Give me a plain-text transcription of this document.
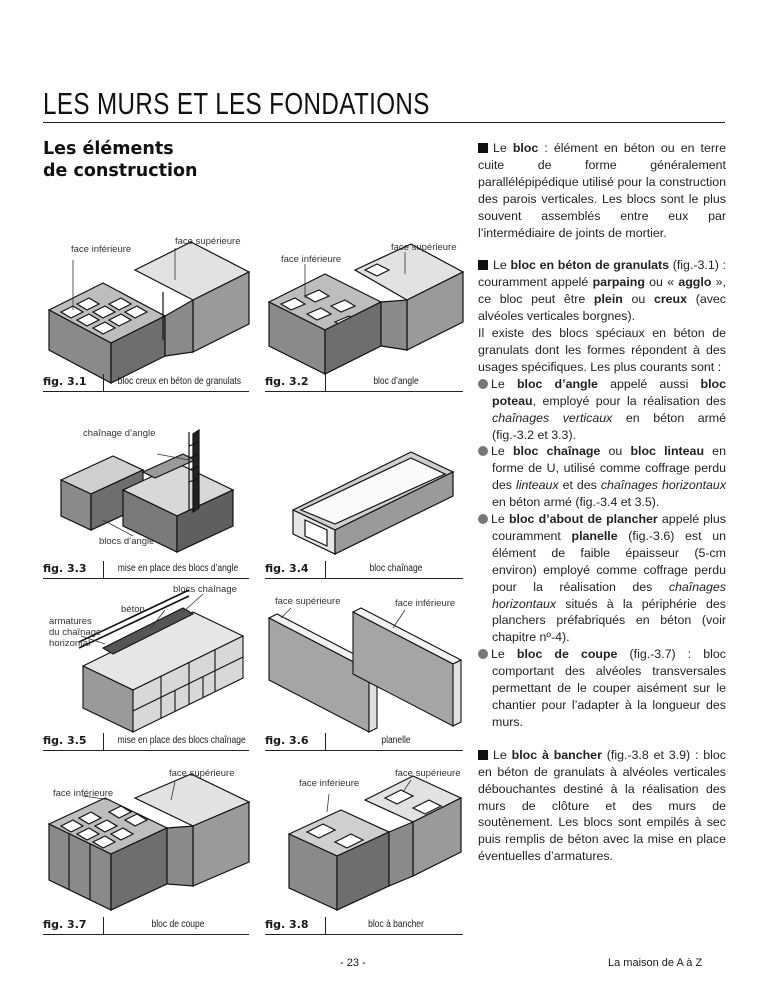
LES MURS ET LES FONDATIONS
Les éléments
de construction
face inférieure
face supérieure
fig. 3.1	bloc creux en béton de granulats
face inférieure
face supérieure
fig. 3.2	bloc d’angle
chaînage d’angle
blocs d’angle
fig. 3.3	mise en place des blocs d’angle fig. 3.4	bloc chaînage
blocs chaînage
béton
armatures
du chaînage
horizontal
fig. 3.5	mise en place des blocs chaînage
face supérieure	face inférieure
fig. 3.6	planelle
face supérieure
face inférieure
fig. 3.7	bloc de coupe
face inférieure
face supérieure
fig. 3.8	bloc à bancher

Le bloc : élément en béton ou en terre cuite de forme généralement parallélépipédique utilisé pour la construction des parois verticales. Les blocs sont le plus souvent assemblés entre eux par l’intermédiaire de joints de mortier.

Le bloc en béton de granulats (fig.-3.1) : couramment appelé parpaing ou « agglo », ce bloc peut être plein ou creux (avec alvéoles verticales borgnes).

Il existe des blocs spéciaux en béton de granulats dont les formes répondent à des usages spécifiques. Les plus courants sont :

Le bloc d’angle appelé aussi bloc poteau, employé pour la réalisation des chaînages verticaux en béton armé (fig.-3.2 et 3.3).

Le bloc chaînage ou bloc linteau en forme de U, utilisé comme coffrage perdu des linteaux et des chaînages horizontaux en béton armé (fig.-3.4 et 3.5).

Le bloc d’about de plancher appelé plus couramment planelle (fig.-3.6) est un élément de faible épaisseur (5-cm environ) employé comme coffrage perdu pour la réalisation des chaînages horizontaux situés à la périphérie des planchers préfabriqués en béton (voir chapitre nº-4).

Le bloc de coupe (fig.-3.7) : bloc comportant des alvéoles transversales permettant de le couper aisément sur le chantier pour l’adapter à la longueur des murs.

Le bloc à bancher (fig.-3.8 et 3.9) : bloc en béton de granulats à alvéoles verticales débouchantes destiné à la réalisation des murs de clôture et des murs de soutènement. Les blocs sont empilés à sec puis remplis de béton avec la mise en place éventuelles d’armatures.

- 23 -	La maison de A à Z
